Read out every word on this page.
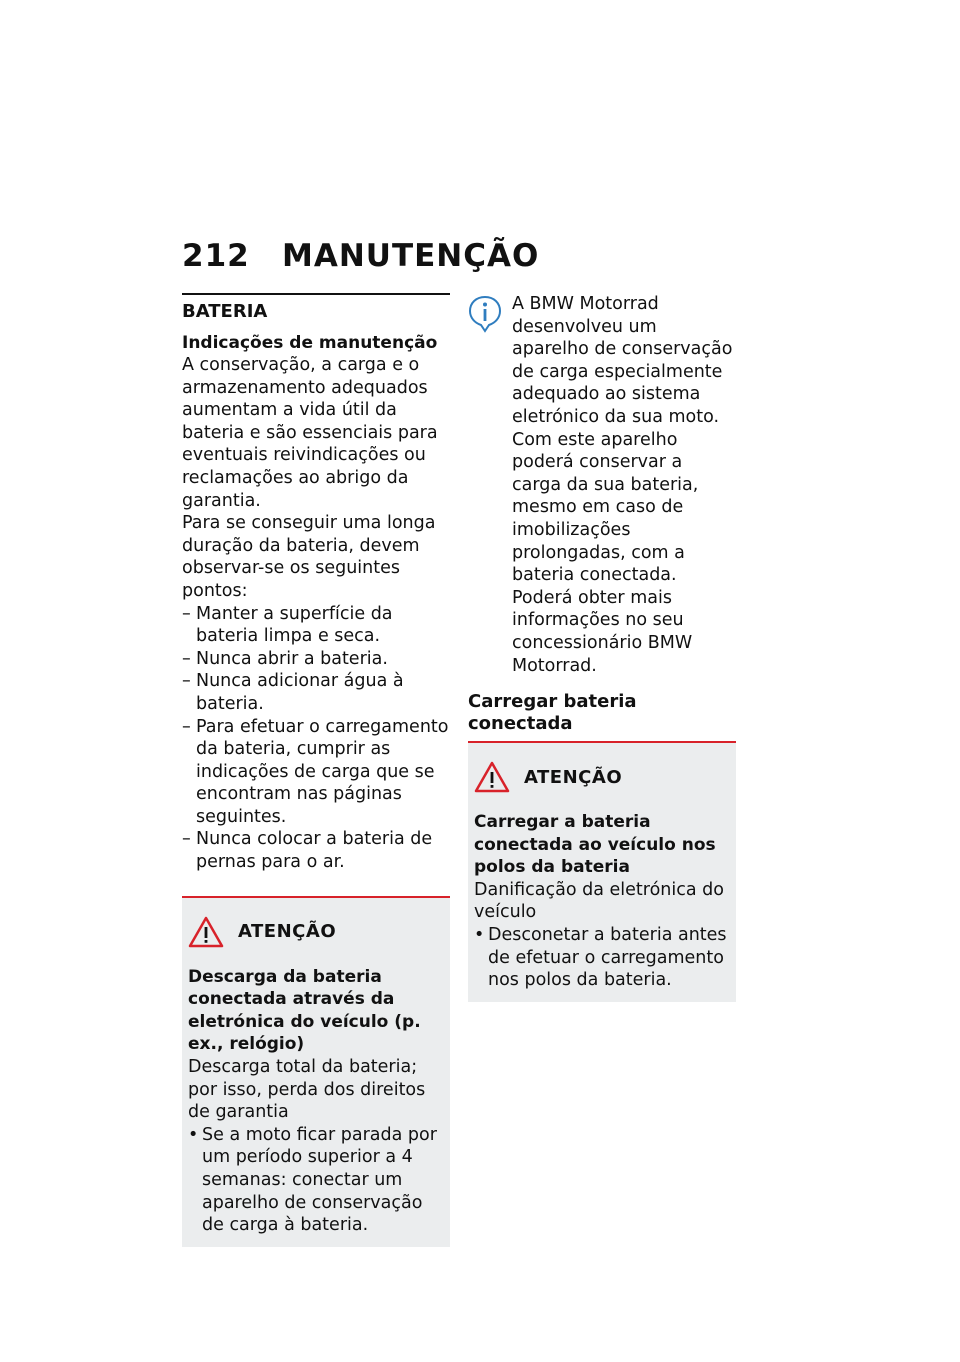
212 MANUTENÇÃO
BATERIA
Indicações de manutenção

A conservação, a carga e o armazenamento adequados aumentam a vida útil da bateria e são essenciais para eventuais reivindicações ou reclamações ao abrigo da garantia.

Para se conseguir uma longa duração da bateria, devem observar-se os seguintes pontos:

– Manter a superfície da bateria limpa e seca.
– Nunca abrir a bateria.
– Nunca adicionar água à bateria.
– Para efetuar o carregamento da bateria, cumprir as indicações de carga que se encontram nas páginas seguintes.
– Nunca colocar a bateria de pernas para o ar.
ATENÇÃO
Descarga da bateria conectada através da eletrónica do veículo (p. ex., relógio)

Descarga total da bateria; por isso, perda dos direitos de garantia

• Se a moto ficar parada por um período superior a 4 semanas: conectar um aparelho de conservação de carga à bateria.

A BMW Motorrad desenvolveu um aparelho de conservação de carga especialmente adequado ao sistema eletrónico da sua moto. Com este aparelho poderá conservar a carga da sua bateria, mesmo em caso de imobilizações prolongadas, com a bateria conectada. Poderá obter mais informações no seu concessionário BMW Motorrad.

Carregar bateria conectada
ATENÇÃO
Carregar a bateria conectada ao veículo nos polos da bateria

Danificação da eletrónica do veículo

• Desconetar a bateria antes de efetuar o carregamento nos polos da bateria.
